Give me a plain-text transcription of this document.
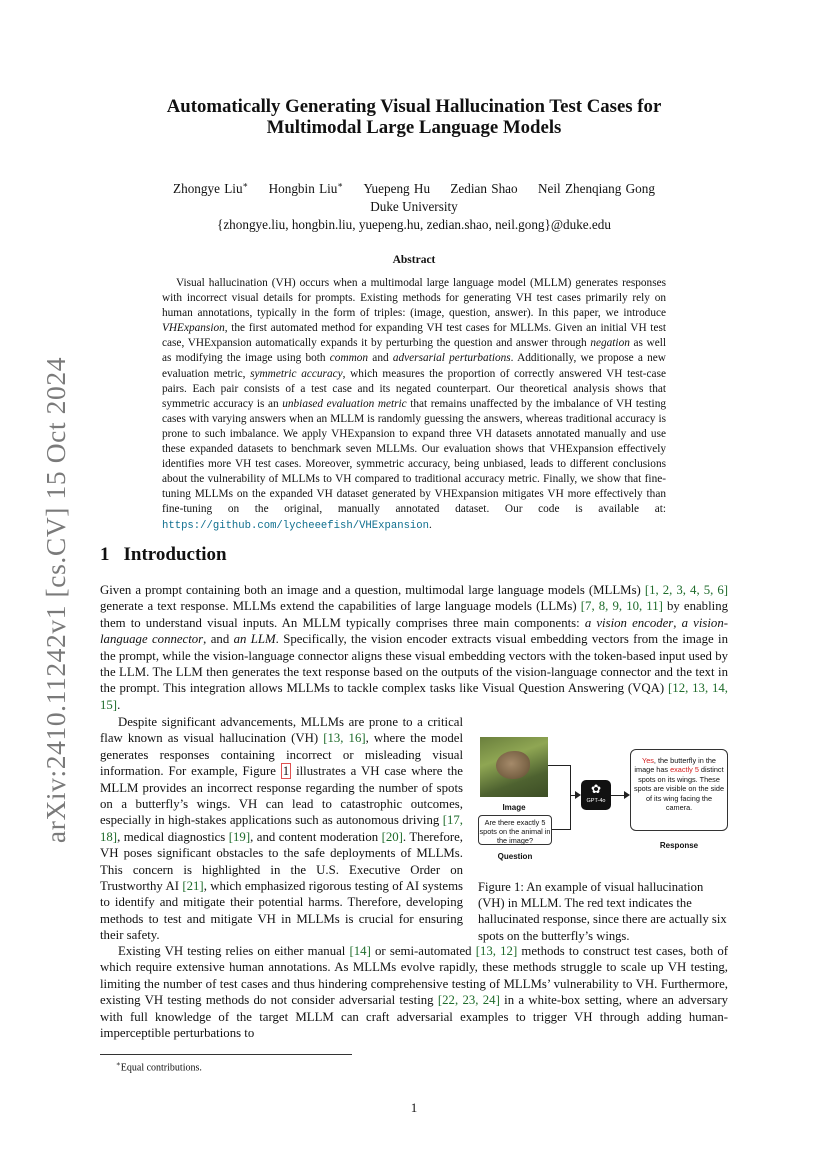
arXiv:2410.11242v1 [cs.CV] 15 Oct 2024
Automatically Generating Visual Hallucination Test Cases for
Multimodal Large Language Models
Zhongye Liu∗ Hongbin Liu∗ Yuepeng Hu Zedian Shao Neil Zhenqiang Gong
Duke University
{zhongye.liu, hongbin.liu, yuepeng.hu, zedian.shao, neil.gong}@duke.edu
Abstract
Visual hallucination (VH) occurs when a multimodal large language model (MLLM) generates responses with incorrect visual details for prompts. Existing methods for generating VH test cases primarily rely on human annotations, typically in the form of triples: (image, question, answer). In this paper, we introduce VHExpansion, the first automated method for expanding VH test cases for MLLMs. Given an initial VH test case, VHExpansion automatically expands it by perturbing the question and answer through negation as well as modifying the image using both common and adversarial perturbations. Additionally, we propose a new evaluation metric, symmetric accuracy, which measures the proportion of correctly answered VH test-case pairs. Each pair consists of a test case and its negated counterpart. Our theoretical analysis shows that symmetric accuracy is an unbiased evaluation metric that remains unaffected by the imbalance of VH testing cases with varying answers when an MLLM is randomly guessing the answers, whereas traditional accuracy is prone to such imbalance. We apply VHExpansion to expand three VH datasets annotated manually and use these expanded datasets to benchmark seven MLLMs. Our evaluation shows that VHExpansion effectively identifies more VH test cases. Moreover, symmetric accuracy, being unbiased, leads to different conclusions about the vulnerability of MLLMs to VH compared to traditional accuracy metric. Finally, we show that fine-tuning MLLMs on the expanded VH dataset generated by VHExpansion mitigates VH more effectively than fine-tuning on the original, manually annotated dataset. Our code is available at: https://github.com/lycheeefish/VHExpansion.
1 Introduction
Given a prompt containing both an image and a question, multimodal large language models (MLLMs) [1, 2, 3, 4, 5, 6] generate a text response. MLLMs extend the capabilities of large language models (LLMs) [7, 8, 9, 10, 11] by enabling them to understand visual inputs. An MLLM typically comprises three main components: a vision encoder, a vision-language connector, and an LLM. Specifically, the vision encoder extracts visual embedding vectors from the image in the prompt, while the vision-language connector aligns these visual embedding vectors with the token-based input used by the LLM. The LLM then generates the text response based on the outputs of the vision-language connector and the text in the prompt. This integration allows MLLMs to tackle complex tasks like Visual Question Answering (VQA) [12, 13, 14, 15].
Despite significant advancements, MLLMs are prone to a critical flaw known as visual hallucination (VH) [13, 16], where the model generates responses containing incorrect or misleading visual information. For example, Figure 1 illustrates a VH case where the MLLM provides an incorrect response regarding the number of spots on a butterfly’s wings. VH can lead to catastrophic outcomes, especially in high-stakes applications such as autonomous driving [17, 18], medical diagnostics [19], and content moderation [20]. Therefore, VH poses significant obstacles to the safe deployments of MLLMs. This concern is highlighted in the U.S. Executive Order on Trustworthy AI [21], which emphasized rigorous testing of AI systems to identify and mitigate their potential harms. Therefore, developing methods to test and mitigate VH in MLLMs is crucial for ensuring their safety.
Image
Are there exactly 5 spots on the animal in the image?
Question
✿
GPT-4o
Yes, the butterfly in the image has exactly 5 distinct spots on its wings. These spots are visible on the side of its wing facing the camera.
Response
Figure 1: An example of visual hallucination (VH) in MLLM. The red text indicates the hallucinated response, since there are actually six spots on the butterfly’s wings.
Existing VH testing relies on either manual [14] or semi-automated [13, 12] methods to construct test cases, both of which require extensive human annotations. As MLLMs evolve rapidly, these methods struggle to scale up VH testing, limiting the number of test cases and thus hindering comprehensive testing of MLLMs’ vulnerability to VH. Furthermore, existing VH testing methods do not consider adversarial testing [22, 23, 24] in a white-box setting, where an adversary with full knowledge of the target MLLM can craft adversarial examples to trigger VH through adding human-imperceptible perturbations to
∗Equal contributions.
1
